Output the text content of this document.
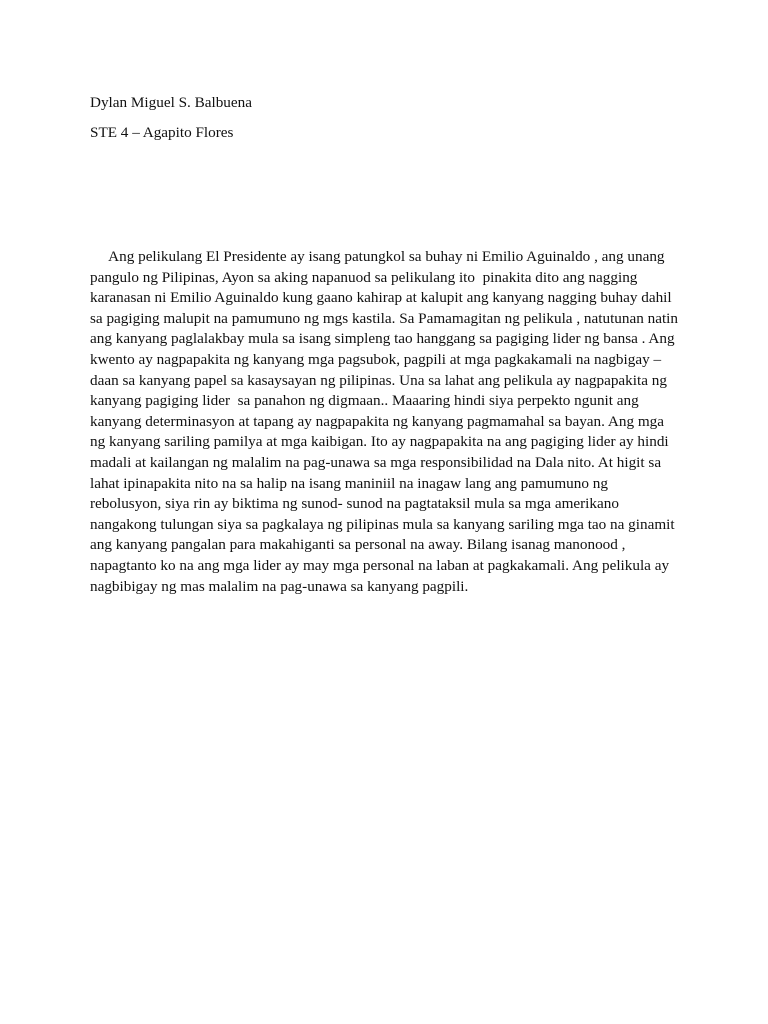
Dylan Miguel S. Balbuena
STE 4 – Agapito Flores
Ang pelikulang El Presidente ay isang patungkol sa buhay ni Emilio Aguinaldo , ang unang
pangulo ng Pilipinas, Ayon sa aking napanuod sa pelikulang ito  pinakita dito ang nagging
karanasan ni Emilio Aguinaldo kung gaano kahirap at kalupit ang kanyang nagging buhay dahil
sa pagiging malupit na pamumuno ng mgs kastila. Sa Pamamagitan ng pelikula , natutunan natin
ang kanyang paglalakbay mula sa isang simpleng tao hanggang sa pagiging lider ng bansa . Ang
kwento ay nagpapakita ng kanyang mga pagsubok, pagpili at mga pagkakamali na nagbigay –
daan sa kanyang papel sa kasaysayan ng pilipinas. Una sa lahat ang pelikula ay nagpapakita ng
kanyang pagiging lider  sa panahon ng digmaan.. Maaaring hindi siya perpekto ngunit ang
kanyang determinasyon at tapang ay nagpapakita ng kanyang pagmamahal sa bayan. Ang mga
ng kanyang sariling pamilya at mga kaibigan. Ito ay nagpapakita na ang pagiging lider ay hindi
madali at kailangan ng malalim na pag-unawa sa mga responsibilidad na Dala nito. At higit sa
lahat ipinapakita nito na sa halip na isang maniniil na inagaw lang ang pamumuno ng
rebolusyon, siya rin ay biktima ng sunod- sunod na pagtataksil mula sa mga amerikano
nangakong tulungan siya sa pagkalaya ng pilipinas mula sa kanyang sariling mga tao na ginamit
ang kanyang pangalan para makahiganti sa personal na away. Bilang isanag manonood ,
napagtanto ko na ang mga lider ay may mga personal na laban at pagkakamali. Ang pelikula ay
nagbibigay ng mas malalim na pag-unawa sa kanyang pagpili.
